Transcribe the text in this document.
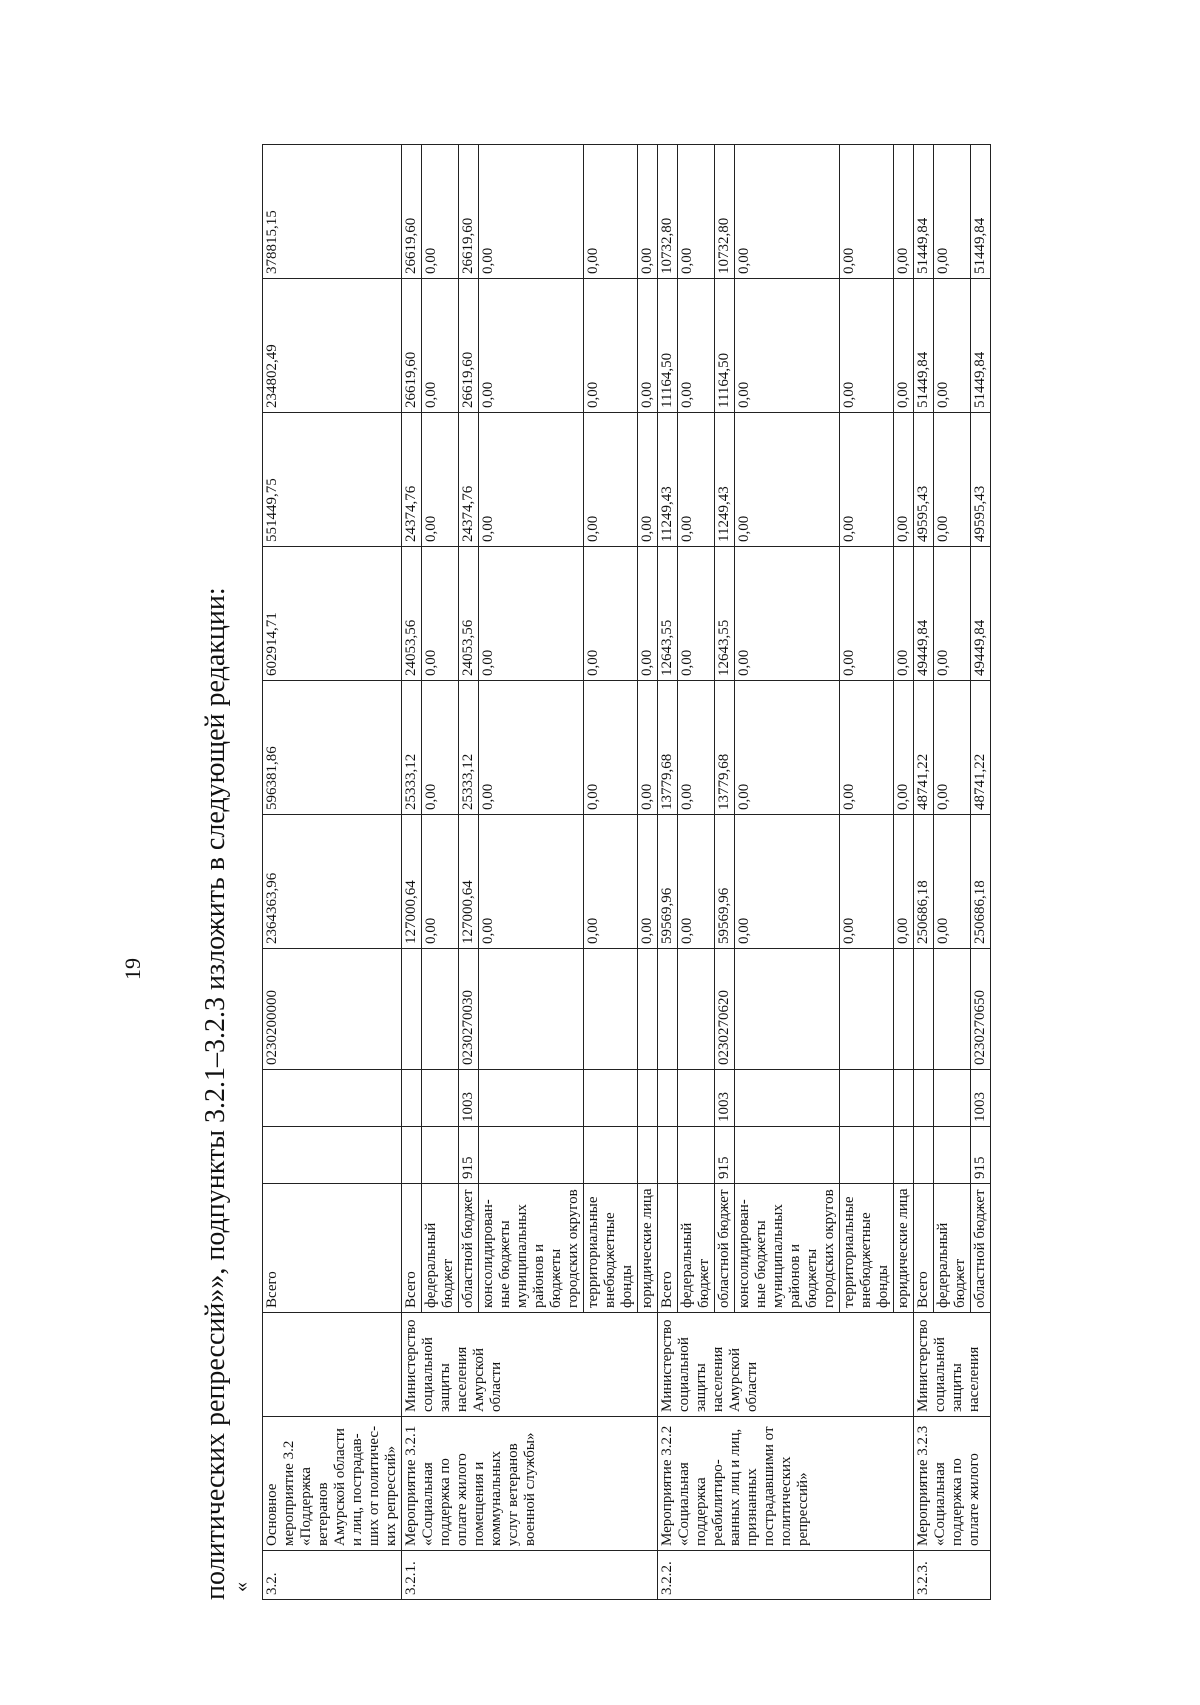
19 политических репрессий»», подпункты 3.2.1–3.2.3 изложить в следующей редакции: « 3.2.	Основное мероприятие 3.2 «Поддержка ветеранов Амурской области и лиц, пострадав-ших от политичес-ких репрессий»		Всего			0230200000	2364363,96	596381,86	602914,71	551449,75	234802,49	378815,15
3.2.1.	Мероприятие 3.2.1 «Социальная поддержка по оплате жилого помещения и коммунальных услуг ветеранов военной службы»	Министерство социальной защиты населения Амурской области	Всего				127000,64	25333,12	24053,56	24374,76	26619,60	26619,60
			федеральный бюджет				0,00	0,00	0,00	0,00	0,00	0,00
			областной бюджет	915	1003	0230270030	127000,64	25333,12	24053,56	24374,76	26619,60	26619,60
			консолидирован-ные бюджеты муниципальных районов и бюджеты городских округов				0,00	0,00	0,00	0,00	0,00	0,00
			территориальные внебюджетные фонды				0,00	0,00	0,00	0,00	0,00	0,00
			юридические лица				0,00	0,00	0,00	0,00	0,00	0,00
3.2.2.	Мероприятие 3.2.2 «Социальная поддержка реабилитиро-ванных лиц и лиц, признанных пострадавшими от политических репрессий»	Министерство социальной защиты населения Амурской области	Всего				59569,96	13779,68	12643,55	11249,43	11164,50	10732,80
			федеральный бюджет				0,00	0,00	0,00	0,00	0,00	0,00
			областной бюджет	915	1003	0230270620	59569,96	13779,68	12643,55	11249,43	11164,50	10732,80
			консолидирован-ные бюджеты муниципальных районов и бюджеты городских округов				0,00	0,00	0,00	0,00	0,00	0,00
			территориальные внебюджетные фонды				0,00	0,00	0,00	0,00	0,00	0,00
			юридические лица				0,00	0,00	0,00	0,00	0,00	0,00
3.2.3.	Мероприятие 3.2.3 «Социальная поддержка по оплате жилого	Министерство социальной защиты населения	Всего				250686,18	48741,22	49449,84	49595,43	51449,84	51449,84
			федеральный бюджет				0,00	0,00	0,00	0,00	0,00	0,00
			областной бюджет	915	1003	0230270650	250686,18	48741,22	49449,84	49595,43	51449,84	51449,84
